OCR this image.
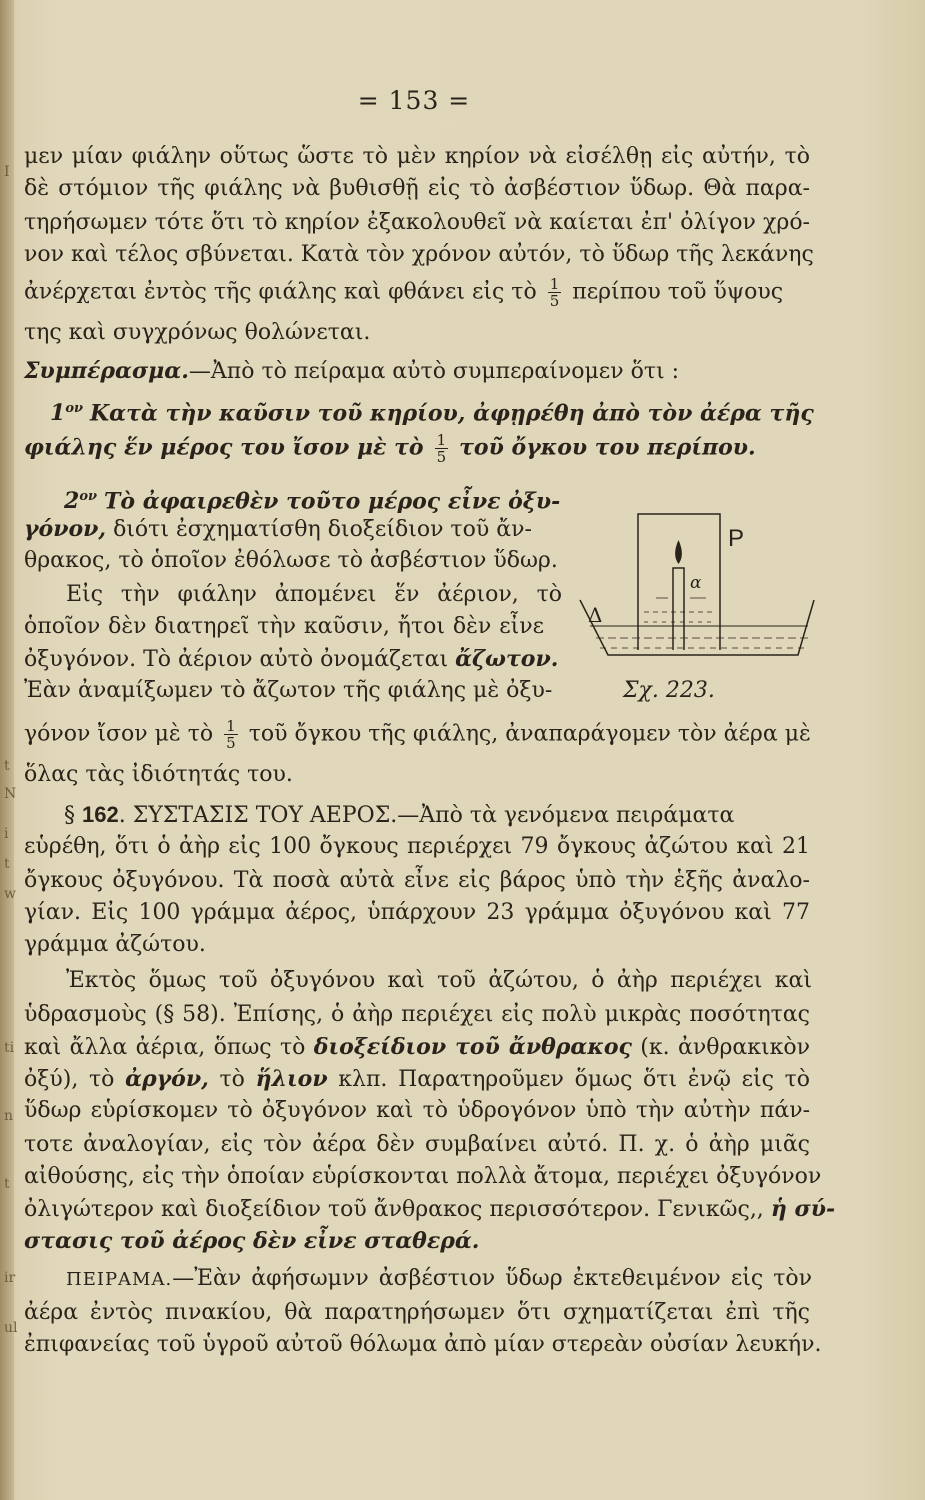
= 153 =
μεν μίαν φιάλην οὕτως ὥστε τὸ μὲν κηρίον νὰ εἰσέλθῃ εἰς αὐτήν, τὸ
δὲ στόμιον τῆς φιάλης νὰ βυθισθῇ εἰς τὸ ἀσβέστιον ὕδωρ. Θὰ παρα-
τηρήσωμεν τότε ὅτι τὸ κηρίον ἐξακολουθεῖ νὰ καίεται ἐπ' ὀλίγον χρό-
νον καὶ τέλος σβύνεται. Κατὰ τὸν χρόνον αὐτόν, τὸ ὕδωρ τῆς λεκάνης
ἀνέρχεται ἐντὸς τῆς φιάλης καὶ φθάνει εἰς τὸ $\frac{1}{5}$ περίπου τοῦ ὕψους
της καὶ συγχρόνως θολώνεται.
Συμπέρασμα.—Ἀπὸ τὸ πείραμα αὐτὸ συμπεραίνομεν ὅτι :
$1^{o\nu}$ Κατὰ τὴν καῦσιν τοῦ κηρίου, ἀφῃρέθη ἀπὸ τὸν ἀέρα τῆς
φιάλης ἕν μέρος του ἴσον μὲ τὸ $\frac{1}{5}$ τοῦ ὄγκου του περίπου.
$2^{o\nu}$ Τὸ ἀφαιρεθὲν τοῦτο μέρος εἶνε ὀξυ-
γόνον, διότι ἐσχηματίσθη διοξείδιον τοῦ ἄν-
θρακος, τὸ ὁποῖον ἐθόλωσε τὸ ἀσβέστιον ὕδωρ.
Εἰς τὴν φιάλην ἀπομένει ἕν ἀέριον, τὸ
ὁποῖον δὲν διατηρεῖ τὴν καῦσιν, ἤτοι δὲν εἶνε
ὀξυγόνον. Τὸ ἀέριον αὐτὸ ὀνομάζεται ἄζωτον.
Ἐὰν ἀναμίξωμεν τὸ ἄζωτον τῆς φιάλης μὲ ὀξυ-
γόνον ἴσον μὲ τὸ $\frac{1}{5}$ τοῦ ὄγκου τῆς φιάλης, ἀναπαράγομεν τὸν ἀέρα μὲ
ὅλας τὰς ἰδιότητάς του.
§ 162. ΣΥΣΤΑΣΙΣ ΤΟΥ ΑΕΡΟΣ.—Ἀπὸ τὰ γενόμενα πειράματα
εὑρέθη, ὅτι ὁ ἀὴρ εἰς 100 ὄγκους περιέρχει 79 ὄγκους ἀζώτου καὶ 21
ὄγκους ὀξυγόνου. Τὰ ποσὰ αὐτὰ εἶνε εἰς βάρος ὑπὸ τὴν ἑξῆς ἀναλο-
γίαν. Εἰς 100 γράμμα ἀέρος, ὑπάρχουν 23 γράμμα ὀξυγόνου καὶ 77
γράμμα ἀζώτου.
Ἐκτὸς ὅμως τοῦ ὀξυγόνου καὶ τοῦ ἀζώτου, ὁ ἀὴρ περιέχει καὶ
ὑδρασμοὺς (§ 58). Ἐπίσης, ὁ ἀὴρ περιέχει εἰς πολὺ μικρὰς ποσότητας
καὶ ἄλλα ἀέρια, ὅπως τὸ διοξείδιον τοῦ ἄνθρακος (κ. ἀνθρακικὸν
ὀξύ), τὸ ἀργόν, τὸ ἥλιον κλπ. Παρατηροῦμεν ὅμως ὅτι ἐνῷ εἰς τὸ
ὕδωρ εὑρίσκομεν τὸ ὀξυγόνον καὶ τὸ ὑδρογόνον ὑπὸ τὴν αὐτὴν πάν-
τοτε ἀναλογίαν, εἰς τὸν ἀέρα δὲν συμβαίνει αὐτό. Π. χ. ὁ ἀὴρ μιᾶς
αἰθούσης, εἰς τὴν ὁποίαν εὑρίσκονται πολλὰ ἄτομα, περιέχει ὀξυγόνον
ὀλιγώτερον καὶ διοξείδιον τοῦ ἄνθρακος περισσότερον. Γενικῶς,, ἡ σύ-
στασις τοῦ ἀέρος δὲν εἶνε σταθερά.
ΠΕΙΡΑΜΑ.—Ἐὰν ἀφήσωμνν ἀσβέστιον ὕδωρ ἐκτεθειμένον εἰς τὸν
ἀέρα ἐντὸς πινακίου, θὰ παρατηρήσωμεν ὅτι σχηματίζεται ἐπὶ τῆς
ἐπιφανείας τοῦ ὑγροῦ αὐτοῦ θόλωμα ἀπὸ μίαν στερεὰν οὐσίαν λευκήν.
P
α
Δ
Σχ. 223.
I
t
N
i
t
w
ti
n
t
ir
ul
